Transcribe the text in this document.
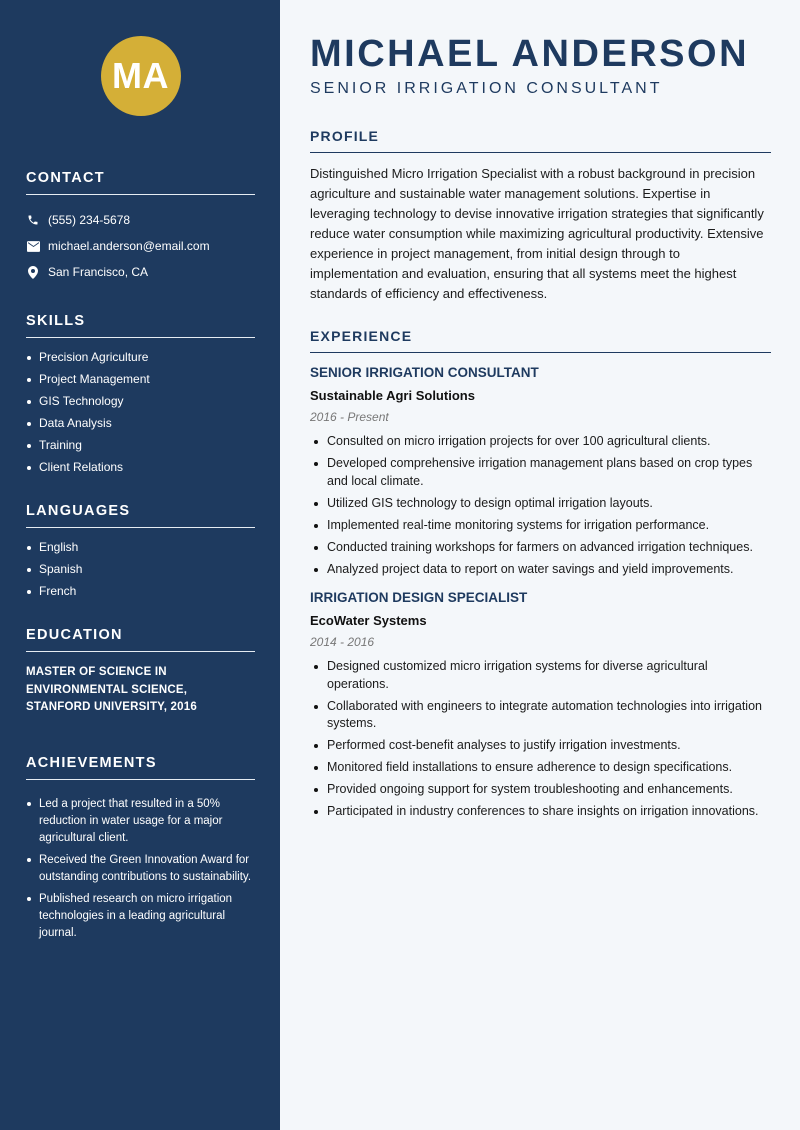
MA
CONTACT
(555) 234-5678
michael.anderson@email.com
San Francisco, CA
SKILLS
Precision Agriculture
Project Management
GIS Technology
Data Analysis
Training
Client Relations
LANGUAGES
English
Spanish
French
EDUCATION

MASTER OF SCIENCE IN ENVIRONMENTAL SCIENCE, STANFORD UNIVERSITY, 2016

ACHIEVEMENTS
Led a project that resulted in a 50% reduction in water usage for a major agricultural client.
Received the Green Innovation Award for outstanding contributions to sustainability.
Published research on micro irrigation technologies in a leading agricultural journal.
MICHAEL ANDERSON
SENIOR IRRIGATION CONSULTANT
PROFILE

Distinguished Micro Irrigation Specialist with a robust background in precision agriculture and sustainable water management solutions. Expertise in leveraging technology to devise innovative irrigation strategies that significantly reduce water consumption while maximizing agricultural productivity. Extensive experience in project management, from initial design through to implementation and evaluation, ensuring that all systems meet the highest standards of efficiency and effectiveness.

EXPERIENCE
SENIOR IRRIGATION CONSULTANT
Sustainable Agri Solutions
2016 - Present
Consulted on micro irrigation projects for over 100 agricultural clients.
Developed comprehensive irrigation management plans based on crop types and local climate.
Utilized GIS technology to design optimal irrigation layouts.
Implemented real-time monitoring systems for irrigation performance.
Conducted training workshops for farmers on advanced irrigation techniques.
Analyzed project data to report on water savings and yield improvements.
IRRIGATION DESIGN SPECIALIST
EcoWater Systems
2014 - 2016
Designed customized micro irrigation systems for diverse agricultural operations.
Collaborated with engineers to integrate automation technologies into irrigation systems.
Performed cost-benefit analyses to justify irrigation investments.
Monitored field installations to ensure adherence to design specifications.
Provided ongoing support for system troubleshooting and enhancements.
Participated in industry conferences to share insights on irrigation innovations.
